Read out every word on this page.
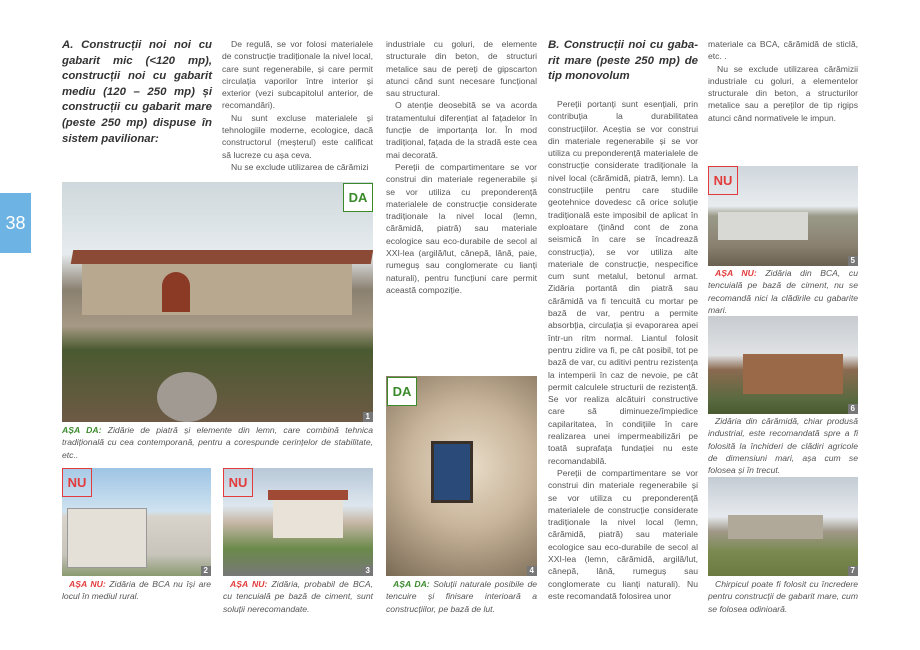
38
A. Construcții noi noi cu gabarit mic (<120 mp), construcții noi cu gabarit mediu (120 – 250 mp) și construcții cu gabarit mare (peste 250 mp) dispuse în sistem pavilionar:
B. Construcții noi cu gaba-rit mare (peste 250 mp) de tip monovolum

De regulă, se vor folosi materialele de construcție tradiționale la nivel local, care sunt regenerabile, și care permit circulația vaporilor între interior și exterior (vezi subcapitolul anterior, de recomandări).

Nu sunt excluse materialele și tehnologiile moderne, ecologice, dacă constructorul (meșterul) este calificat să lucreze cu așa ceva.

Nu se exclude utilizarea de cărămizi

industriale cu goluri, de elemente structurale din beton, de structuri metalice sau de pereți de gipscarton atunci când sunt necesare funcțional sau structural.

O atenție deosebită se va acorda tratamentului diferențiat al fațadelor în funcție de importanța lor. În mod tradițional, fațada de la stradă este cea mai decorată.

Pereții de compartimentare se vor construi din materiale regenerabile și se vor utiliza cu preponderență materialele de construcție considerate tradiționale la nivel local (lemn, cărămidă, piatră) sau materiale ecologice sau eco-durabile de secol al XXI-lea (argilă/lut, cânepă, lână, paie, rumeguș sau conglomerate cu lianți naturali), pentru funcțiuni care permit această compoziție.

Pereții portanți sunt esențiali, prin contribuția la durabilitatea construcțiilor. Aceștia se vor construi din materiale regenerabile și se vor utiliza cu preponderență materialele de construcție considerate tradiționale la nivel local (cărămidă, piatră, lemn). La construcțiile pentru care studiile geotehnice dovedesc că orice soluție tradițională este imposibil de aplicat în exploatare (ținând cont de zona seismică în care se încadrează construcția), se vor utiliza alte materiale de construcție, nespecifice cum sunt metalul, betonul armat. Zidăria portantă din piatră sau cărămidă va fi tencuită cu mortar pe bază de var, pentru a permite absorbția, circulația și evaporarea apei într-un ritm normal. Liantul folosit pentru zidire va fi, pe cât posibil, tot pe bază de var, cu aditivi pentru rezistența la intemperii în caz de nevoie, pe cât permit calculele structurii de rezistență. Se vor realiza alcătuiri constructive care să diminueze/împiedice capilaritatea, în condițiile în care realizarea unei impermeabilizări pe toată suprafața fundației nu este recomandabilă.

Pereții de compartimentare se vor construi din materiale regenerabile și se vor utiliza cu preponderență materialele de construcție considerate tradiționale la nivel local (lemn, cărămidă, piatră) sau materiale ecologice sau eco-durabile de secol al XXI-lea (lemn, cărămidă, argilă/lut, cânepă, lână, rumeguș sau conglomerate cu lianți naturali). Nu este recomandată folosirea unor

materiale ca BCA, cărămidă de sticlă, etc. .

Nu se exclude utilizarea cărămizii industriale cu goluri, a elementelor structurale din beton, a structurilor metalice sau a pereților de tip rigips atunci când normativele le impun.

DA
1
AȘA DA: Zidărie de piatră și elemente din lemn, care combină tehnica tradițională cu cea contemporană, pentru a corespunde cerințelor de stabilitate, etc..
NU
2

AȘA NU: Zidăria de BCA nu își are locul în mediul rural.

NU
3

AȘA NU: Zidăria, probabil de BCA, cu tencuială pe bază de ciment, sunt soluții nerecomandate.

DA
4

AȘA DA: Soluții naturale posibile de tencuire și finisare interioară a construcțiilor, pe bază de lut.

NU
5

AȘA NU: Zidăria din BCA, cu tencuială pe bază de ciment, nu se recomandă nici la clădirile cu gabarite mari.

6

Zidăria din cărămidă, chiar produsă industrial, este recomandată spre a fi folosită la închideri de clădiri agricole de dimensiuni mari, așa cum se folosea și în trecut.

7

Chirpicul poate fi folosit cu încredere pentru construcții de gabarit mare, cum se folosea odinioară.
